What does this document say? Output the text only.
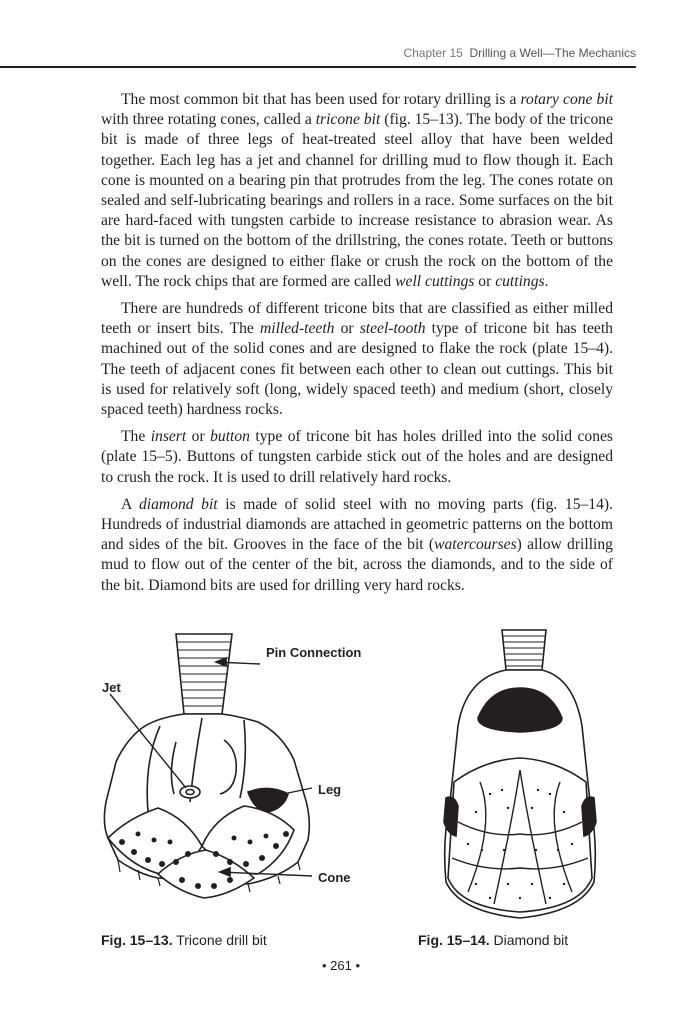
Chapter 15 Drilling a Well—The Mechanics

The most common bit that has been used for rotary drilling is a rotary cone bit with three rotating cones, called a tricone bit (fig. 15–13). The body of the tricone bit is made of three legs of heat-treated steel alloy that have been welded together. Each leg has a jet and channel for drilling mud to flow though it. Each cone is mounted on a bearing pin that protrudes from the leg. The cones rotate on sealed and self-lubricating bearings and rollers in a race. Some surfaces on the bit are hard-faced with tungsten carbide to increase resistance to abrasion wear. As the bit is turned on the bottom of the drillstring, the cones rotate. Teeth or buttons on the cones are designed to either flake or crush the rock on the bottom of the well. The rock chips that are formed are called well cuttings or cuttings.

There are hundreds of different tricone bits that are classified as either milled teeth or insert bits. The milled-teeth or steel-tooth type of tricone bit has teeth machined out of the solid cones and are designed to flake the rock (plate 15–4). The teeth of adjacent cones fit between each other to clean out cuttings. This bit is used for relatively soft (long, widely spaced teeth) and medium (short, closely spaced teeth) hardness rocks.

The insert or button type of tricone bit has holes drilled into the solid cones (plate 15–5). Buttons of tungsten carbide stick out of the holes and are designed to crush the rock. It is used to drill relatively hard rocks.

A diamond bit is made of solid steel with no moving parts (fig. 15–14). Hundreds of industrial diamonds are attached in geometric patterns on the bottom and sides of the bit. Grooves in the face of the bit (watercourses) allow drilling mud to flow out of the center of the bit, across the diamonds, and to the side of the bit. Diamond bits are used for drilling very hard rocks.

Pin Connection
Jet
Leg
Cone
Fig. 15–13. Tricone drill bit	Fig. 15–14. Diamond bit
• 261 •
